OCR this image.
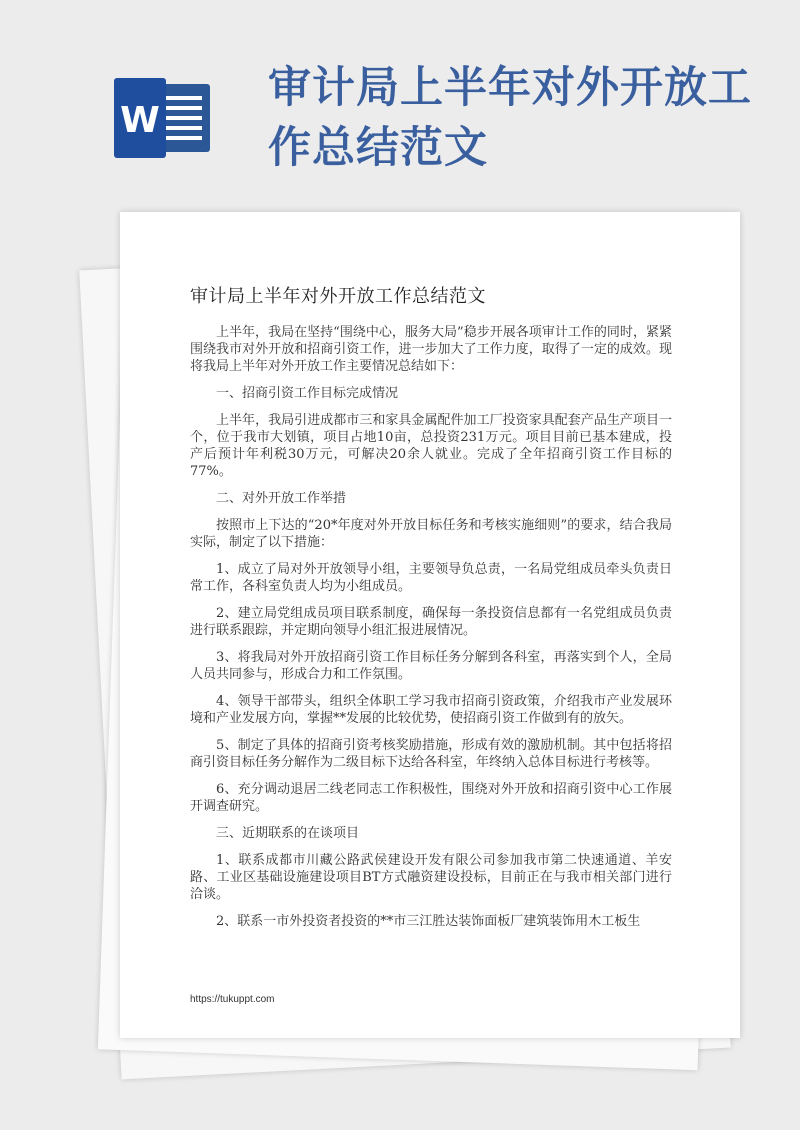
W
审计局上半年对外开放工作总结范文
审计局上半年对外开放工作总结范文

上半年，我局在坚持“围绕中心，服务大局”稳步开展各项审计工作的同时，紧紧围绕我市对外开放和招商引资工作，进一步加大了工作力度，取得了一定的成效。现将我局上半年对外开放工作主要情况总结如下：

一、招商引资工作目标完成情况

上半年，我局引进成都市三和家具金属配件加工厂投资家具配套产品生产项目一个，位于我市大划镇，项目占地10亩，总投资231万元。项目目前已基本建成，投产后预计年利税30万元，可解决20余人就业。完成了全年招商引资工作目标的77%。

二、对外开放工作举措

按照市上下达的“20*年度对外开放目标任务和考核实施细则”的要求，结合我局实际，制定了以下措施：

1、成立了局对外开放领导小组，主要领导负总责，一名局党组成员牵头负责日常工作，各科室负责人均为小组成员。

2、建立局党组成员项目联系制度，确保每一条投资信息都有一名党组成员负责进行联系跟踪，并定期向领导小组汇报进展情况。

3、将我局对外开放招商引资工作目标任务分解到各科室，再落实到个人，全局人员共同参与，形成合力和工作氛围。

4、领导干部带头，组织全体职工学习我市招商引资政策，介绍我市产业发展环境和产业发展方向，掌握**发展的比较优势，使招商引资工作做到有的放矢。

5、制定了具体的招商引资考核奖励措施，形成有效的激励机制。其中包括将招商引资目标任务分解作为二级目标下达给各科室，年终纳入总体目标进行考核等。

6、充分调动退居二线老同志工作积极性，围绕对外开放和招商引资中心工作展开调查研究。

三、近期联系的在谈项目

1、联系成都市川藏公路武侯建设开发有限公司参加我市第二快速通道、羊安路、工业区基础设施建设项目BT方式融资建设投标，目前正在与我市相关部门进行洽谈。

2、联系一市外投资者投资的**市三江胜达装饰面板厂建筑装饰用木工板生

https://tukuppt.com
